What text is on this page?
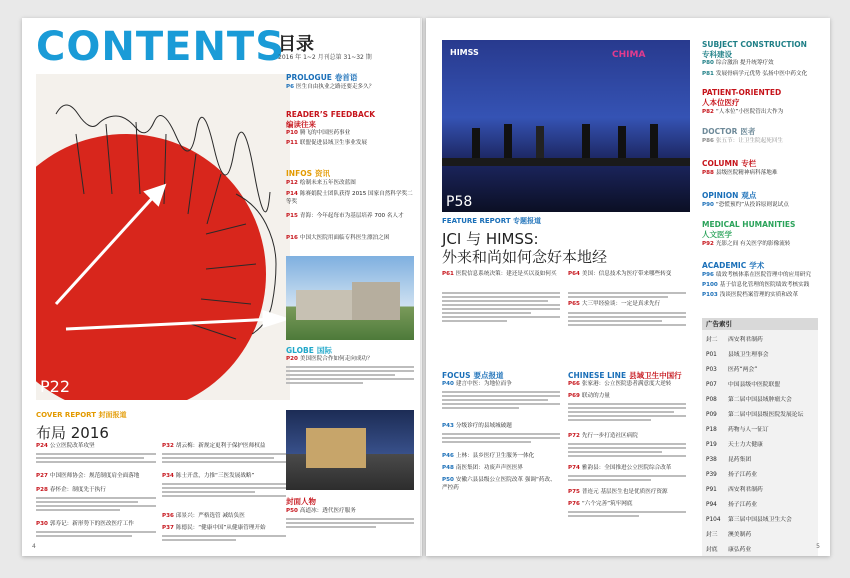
CONTENTS
目录
2016 年 1~2 月刊总第 31~32 期
P22
COVER REPORT 封面报道
布局 2016
P24 公立医院改革攻坚
P27 中国医师协会：规范制度肩全面落地
P28 春怀企：制度先于执行
P30 郭寿记：新形势下的医改医疗工作
P32 胡云梅：新规定更利于保护医师权益
P34 陈士开盘，力推“三医发展战略”
P36 邱景兴：严格选管 减结负医
P37 陈德民：“健康中国”从健康管理开始
PROLOGUE 卷首语
P6 医生自由执业之路还要走多久？
READER’S FEEDBACK
编读往来
P10 腾飞的中国医药事业
P11 联盟促进县域卫生事业发展
INFOS 资讯
P12 绘制未来五年医改蓝图
P14 陈赛娟院士团队获得 2015 国家自然科学奖二等奖
P15 青海：今年起每市为基层培养 700 名人才
P16 中国大医院用面临专科医生漂泊之困
GLOBE 国际
P20 美国医院合作如何走向成功？
封面人物
P50 高道冰：透代医疗服务
4
HIMSS	CHIMA
P58
FEATURE REPORT 专题报道
JCI 与 HIMSS:
外来和尚如何念好本地经
P61 医院信息系统决策：建还是买以及如何买	P64 美国：信息技术为医疗带来哪些转变
P65 大三甲经验谈：一定是真求先行
FOCUS 要点报道
P40 建言中医：为地位而争
P43 分级诊疗的县域城破题
P46 上林：县乡医疗卫生服务一体化
P48 南医集团：功废声声医医界
P50 安徽六县县级公立医院改革 强调“药改、严控药
CHINESE LINE 县域卫生中国行
P66 张家港：公立医院患者满意度大逆转
P69 联动的力量
P72 先行一步打造社区病院
P74 雅韵县：全国推进公立医院综合改革
P75 普连元 基层医生也是优质医疗资源
P76 “六个完善”筑牢网底
SUBJECT CONSTRUCTION
专科建设
P80 综合激治 提升统筹疗效
P81 发展骨病学元优势 弘扬中医中药文化
PATIENT-ORIENTED
人本位医疗
P82 “人本位”小医院管出大作为
DOCTOR 医者
P86 张五节：让卫生院起死回生
COLUMN 专栏
P88 县级医院精神病科落地难
OPINION 观点
P90 “恐慌预约”从投诉原则说试点
MEDICAL HUMANITIES
人文医学
P92 光影之间 有关医学的影像流转
ACADEMIC 学术
P96 绩效考核体系在医院管理中的应用研究
P100 基于信息化管理的医院绩效考核实践
P103 浅谈医院档案管理的实质和改革
广告索引
封二 西安利君制药
P01 县域卫生理事会
P03 医药“两会”
P07 中国县级中医院联盟
P08 第二届中国县域肿瘤大会
P09 第二届中国县级医院发展论坛
P18 药物与人一征订
P19 天士力大健康
P38 昆药集团
P39 扬子江药业
P91 西安利君制药
P94 扬子江药业
P104 第三届中国县域卫生大会
封三 澳美制药
封底 康弘药业	5
